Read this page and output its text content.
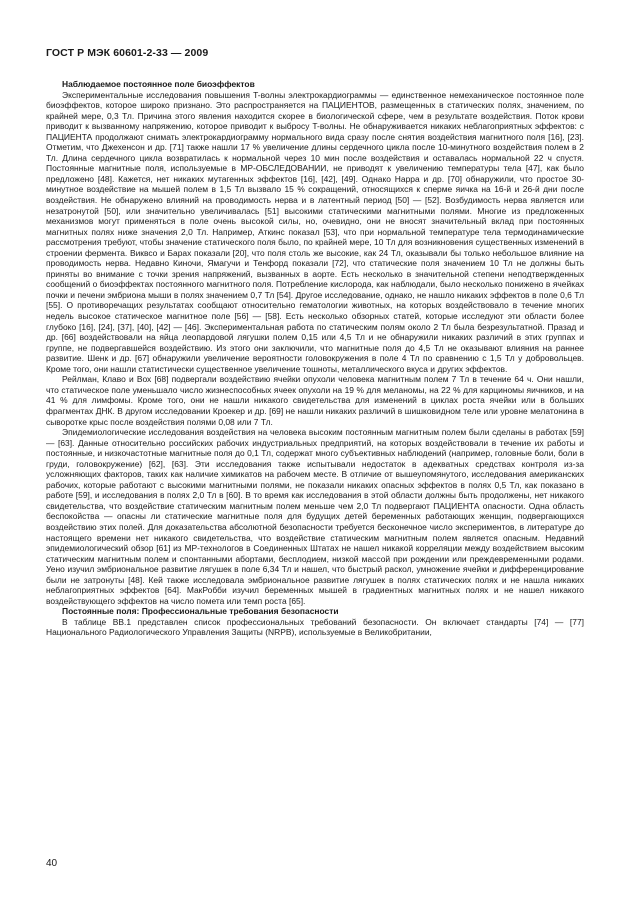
ГОСТ Р МЭК 60601-2-33 — 2009

Наблюдаемое постоянное поле биоэффектов

Экспериментальные исследования повышения T-волны электрокардиограммы — единственное немеханическое постоянное поле биоэффектов, которое широко признано. Это распространяется на ПАЦИЕНТОВ, размещенных в статических полях, значением, по крайней мере, 0,3 Тл. Причина этого явления находится скорее в биологической сфере, чем в результате воздействия. Поток крови приводит к вызванному напряжению, которое приводит к выбросу T-волны. Не обнаруживается никаких неблагоприятных эффектов: с ПАЦИЕНТА продолжают снимать электрокардиограмму нормального вида сразу после снятия воздействия магнитного поля [16], [23]. Отметим, что Джехенсон и др. [71] также нашли 17 % увеличение длины сердечного цикла после 10-минутного воздействия полем в 2 Тл. Длина сердечного цикла возвратилась к нормальной через 10 мин после воздействия и оставалась нормальной 22 ч спустя. Постоянные магнитные поля, используемые в МР-ОБСЛЕДОВАНИИ, не приводят к увеличению температуры тела [47], как было предложено [48]. Кажется, нет никаких мутагенных эффектов [16], [42], [49]. Однако Нарра и др. [70] обнаружили, что простое 30-минутное воздействие на мышей полем в 1,5 Тл вызвало 15 % сокращений, относящихся к сперме яичка на 16-й и 26-й дни после воздействия. Не обнаружено влияний на проводимость нерва и в латентный период [50] — [52]. Возбудимость нерва является или незатронутой [50], или значительно увеличивалась [51] высокими статическими магнитными полями. Многие из предложенных механизмов могут применяться в поле очень высокой силы, но, очевидно, они не вносят значительный вклад при постоянных магнитных полях ниже значения 2,0 Тл. Например, Аткинс показал [53], что при нормальной температуре тела термодинамические рассмотрения требуют, чтобы значение статического поля было, по крайней мере, 10 Тл для возникновения существенных изменений в строении фермента. Виквсо и Барах показали [20], что поля столь же высокие, как 24 Тл, оказывали бы только небольшое влияние на проводимость нерва. Недавно Киночи, Ямагучи и Тенфорд показали [72], что статические поля значением 10 Тл не должны быть приняты во внимание с точки зрения напряжений, вызванных в аорте. Есть несколько в значительной степени неподтвержденных сообщений о биоэффектах постоянного магнитного поля. Потребление кислорода, как наблюдали, было несколько понижено в ячейках почки и печени эмбриона мыши в полях значением 0,7 Тл [54]. Другое исследование, однако, не нашло никаких эффектов в поле 0,6 Тл [55]. О противоречащих результатах сообщают относительно гематологии животных, на которых воздействовало в течение многих недель высокое статическое магнитное поле [56] — [58]. Есть несколько обзорных статей, которые исследуют эти области более глубоко [16], [24], [37], [40], [42] — [46]. Экспериментальная работа по статическим полям около 2 Тл была безрезультатной. Празад и др. [66] воздействовали на яйца леопардовой лягушки полем 0,15 или 4,5 Тл и не обнаружили никаких различий в этих группах и группе, не подвергавшейся воздействию. Из этого они заключили, что магнитные поля до 4,5 Тл не оказывают влияния на раннее развитие. Шенк и др. [67] обнаружили увеличение вероятности головокружения в поле 4 Тл по сравнению с 1,5 Тл у добровольцев. Кроме того, они нашли статистически существенное увеличение тошноты, металлического вкуса и других эффектов.

Рейлман, Клаво и Вох [68] подвергали воздействию ячейки опухоли человека магнитным полем 7 Тл в течение 64 ч. Они нашли, что статическое поле уменьшало число жизнеспособных ячеек опухоли на 19 % для меланомы, на 22 % для карциномы яичников, и на 41 % для лимфомы. Кроме того, они не нашли никакого свидетельства для изменений в циклах роста ячейки или в больших фрагментах ДНК. В другом исследовании Кроекер и др. [69] не нашли никаких различий в шишковидном теле или уровне мелатонина в сыворотке крыс после воздействия полями 0,08 или 7 Тл.

Эпидемиологические исследования воздействия на человека высоким постоянным магнитным полем были сделаны в работах [59] — [63]. Данные относительно российских рабочих индустриальных предприятий, на которых воздействовали в течение их работы и постоянные, и низкочастотные магнитные поля до 0,1 Тл, содержат много субъективных наблюдений (например, головные боли, боли в груди, головокружение) [62], [63]. Эти исследования также испытывали недостаток в адекватных средствах контроля из-за усложняющих факторов, таких как наличие химикатов на рабочем месте. В отличие от вышеупомянутого, исследования американских рабочих, которые работают с высокими магнитными полями, не показали никаких опасных эффектов в полях 0,5 Тл, как показано в работе [59], и исследования в полях 2,0 Тл в [60]. В то время как исследования в этой области должны быть продолжены, нет никакого свидетельства, что воздействие статическим магнитным полем меньше чем 2,0 Тл подвергают ПАЦИЕНТА опасности. Одна область беспокойства — опасны ли статические магнитные поля для будущих детей беременных работающих женщин, подвергающихся воздействию этих полей. Для доказательства абсолютной безопасности требуется бесконечное число экспериментов, в литературе до настоящего времени нет никакого свидетельства, что воздействие статическим магнитным полем является опасным. Недавний эпидемиологический обзор [61] из МР-технологов в Соединенных Штатах не нашел никакой корреляции между воздействием высоким статическим магнитным полем и спонтанными абортами, бесплодием, низкой массой при рождении или преждевременными родами. Уено изучил эмбриональное развитие лягушек в поле 6,34 Тл и нашел, что быстрый раскол, умножение ячейки и дифференцирование были не затронуты [48]. Кей также исследовала эмбриональное развитие лягушек в полях статических полях и не нашла никаких неблагоприятных эффектов [64]. МакРобби изучил беременных мышей в градиентных магнитных полях и не нашел никакого воздействующего эффектов на число помета или темп роста [65].

Постоянные поля: Профессиональные требования безопасности

В таблице ВВ.1 представлен список профессиональных требований безопасности. Он включает стандарты [74] — [77] Национального Радиологического Управления Защиты (NRPB), используемые в Великобритании,

40
